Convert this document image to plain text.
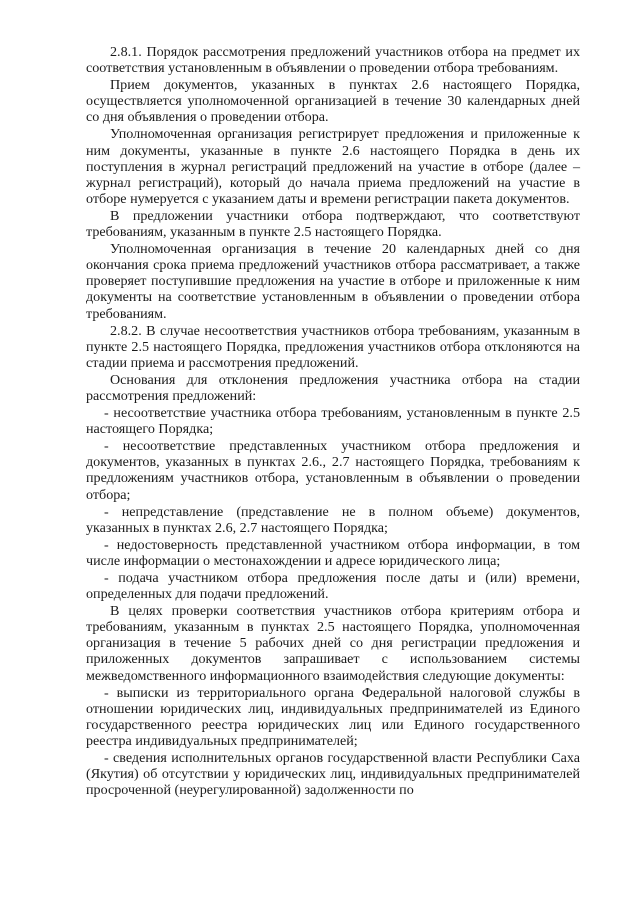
2.8.1. Порядок рассмотрения предложений участников отбора на предмет их соответствия установленным в объявлении о проведении отбора требованиям.

Прием документов, указанных в пунктах 2.6 настоящего Порядка, осуществляется уполномоченной организацией в течение 30 календарных дней со дня объявления о проведении отбора.

Уполномоченная организация регистрирует предложения и приложенные к ним документы, указанные в пункте 2.6 настоящего Порядка в день их поступления в журнал регистраций предложений на участие в отборе (далее – журнал регистраций), который до начала приема предложений на участие в отборе нумеруется с указанием даты и времени регистрации пакета документов.

В предложении участники отбора подтверждают, что соответствуют требованиям, указанным в пункте 2.5 настоящего Порядка.

Уполномоченная организация в течение 20 календарных дней со дня окончания срока приема предложений участников отбора рассматривает, а также проверяет поступившие предложения на участие в отборе и приложенные к ним документы на соответствие установленным в объявлении о проведении отбора требованиям.

2.8.2. В случае несоответствия участников отбора требованиям, указанным в пункте 2.5 настоящего Порядка, предложения участников отбора отклоняются на стадии приема и рассмотрения предложений.

Основания для отклонения предложения участника отбора на стадии рассмотрения предложений:

- несоответствие участника отбора требованиям, установленным в пункте 2.5 настоящего Порядка;

- несоответствие представленных участником отбора предложения и документов, указанных в пунктах 2.6., 2.7 настоящего Порядка, требованиям к предложениям участников отбора, установленным в объявлении о проведении отбора;

- непредставление (представление не в полном объеме) документов, указанных в пунктах 2.6, 2.7 настоящего Порядка;

- недостоверность представленной участником отбора информации, в том числе информации о местонахождении и адресе юридического лица;

- подача участником отбора предложения после даты и (или) времени, определенных для подачи предложений.

В целях проверки соответствия участников отбора критериям отбора и требованиям, указанным в пунктах 2.5 настоящего Порядка, уполномоченная организация в течение 5 рабочих дней со дня регистрации предложения и приложенных документов запрашивает с использованием системы межведомственного информационного взаимодействия следующие документы:

- выписки из территориального органа Федеральной налоговой службы в отношении юридических лиц, индивидуальных предпринимателей из Единого государственного реестра юридических лиц или Единого государственного реестра индивидуальных предпринимателей;

- сведения исполнительных органов государственной власти Республики Саха (Якутия) об отсутствии у юридических лиц, индивидуальных предпринимателей просроченной (неурегулированной) задолженности по
